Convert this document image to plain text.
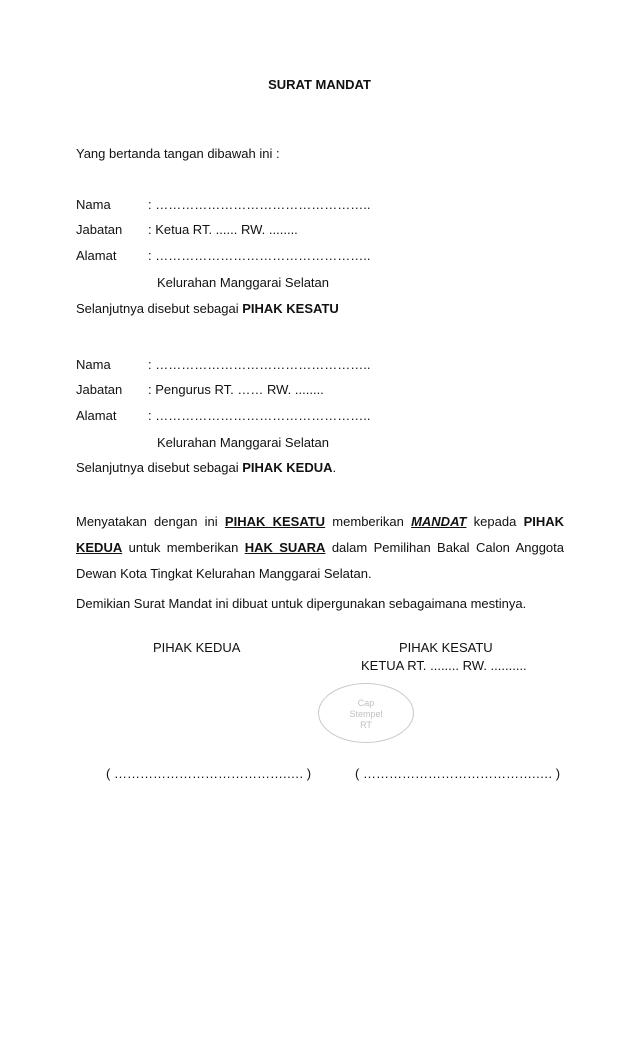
SURAT MANDAT
Yang bertanda tangan dibawah ini :
Nama	: …………………………………………..
Jabatan : Ketua RT. ...... RW. ........
Alamat : …………………………………………..
Kelurahan Manggarai Selatan
Selanjutnya disebut sebagai PIHAK KESATU
Nama	: …………………………………………..
Jabatan : Pengurus RT. …… RW. ........
Alamat : …………………………………………..
Kelurahan Manggarai Selatan
Selanjutnya disebut sebagai PIHAK KEDUA.
Menyatakan dengan ini PIHAK KESATU memberikan MANDAT kepada PIHAK
KEDUA untuk memberikan HAK SUARA dalam Pemilihan Bakal Calon Anggota
Dewan Kota Tingkat Kelurahan Manggarai Selatan.
Demikian Surat Mandat ini dibuat untuk dipergunakan sebagaimana mestinya.
PIHAK KEDUA	PIHAK KESATU
KETUA RT. ........ RW. ..........
Cap
Stempel
RT
( ………………………………….…. )	( ………………………………….…. )
